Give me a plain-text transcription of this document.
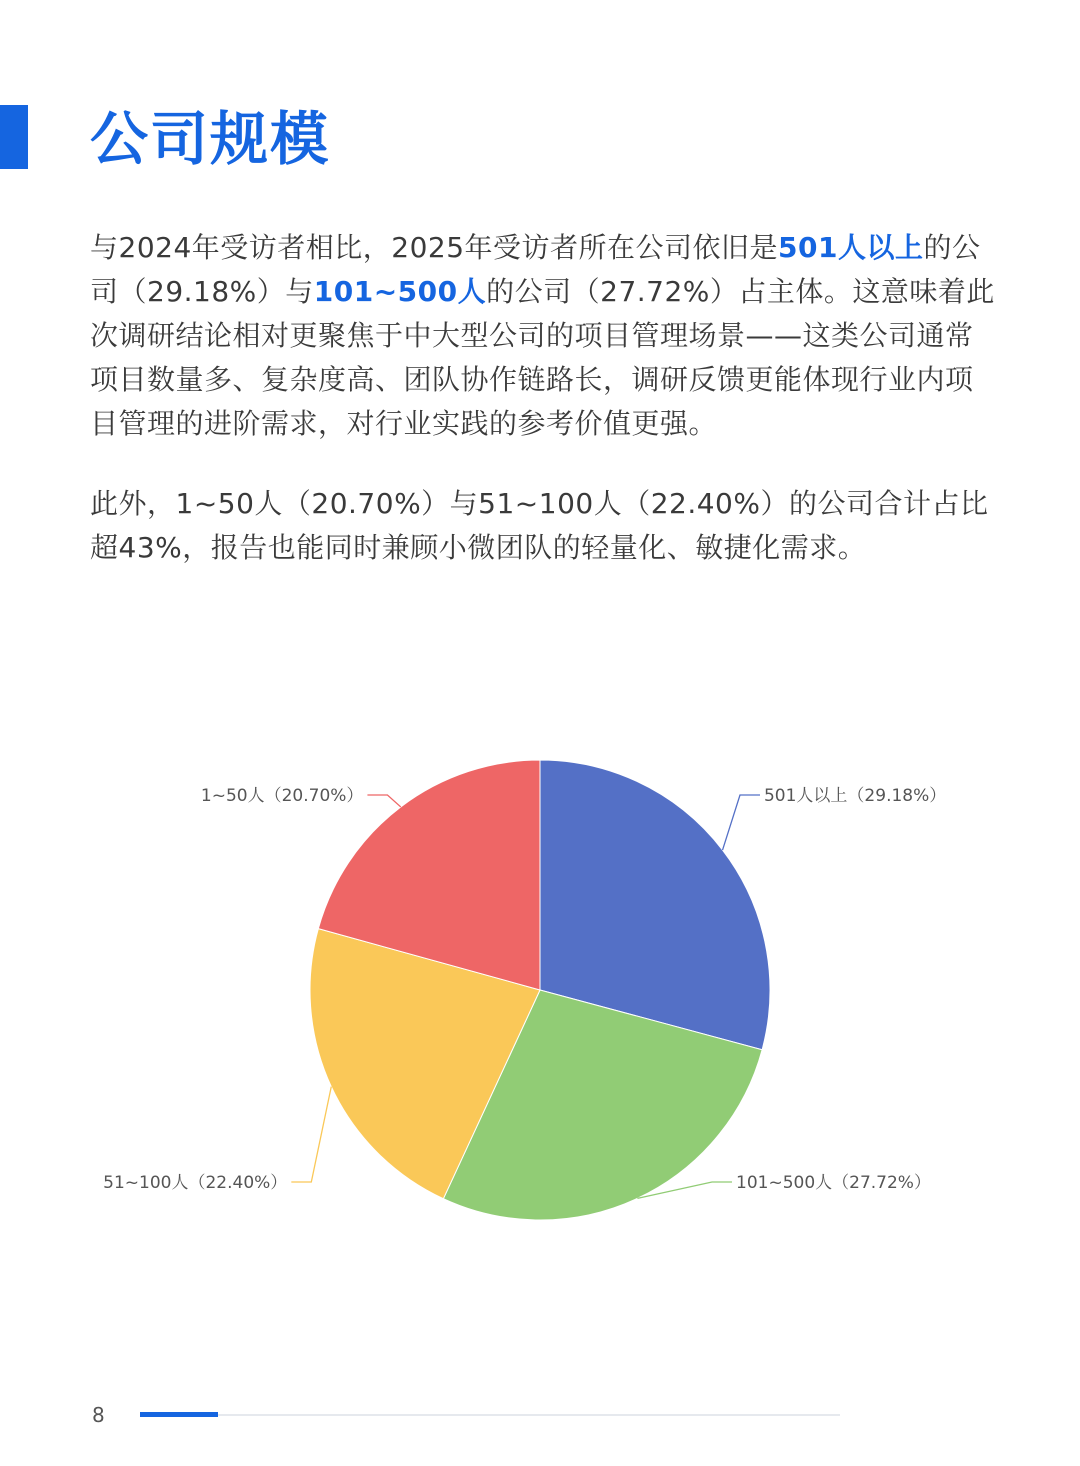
公司规模

与2024年受访者相比，2025年受访者所在公司依旧是501人以上的公司（29.18%）与101~500人的公司（27.72%）占主体。这意味着此次调研结论相对更聚焦于中大型公司的项目管理场景——这类公司通常项目数量多、复杂度高、团队协作链路长，调研反馈更能体现行业内项目管理的进阶需求，对行业实践的参考价值更强。

此外，1~50人（20.70%）与51~100人（22.40%）的公司合计占比超43%，报告也能同时兼顾小微团队的轻量化、敏捷化需求。

501人以上（29.18%）
101~500人（27.72%）
51~100人（22.40%）
1~50人（20.70%）
8
